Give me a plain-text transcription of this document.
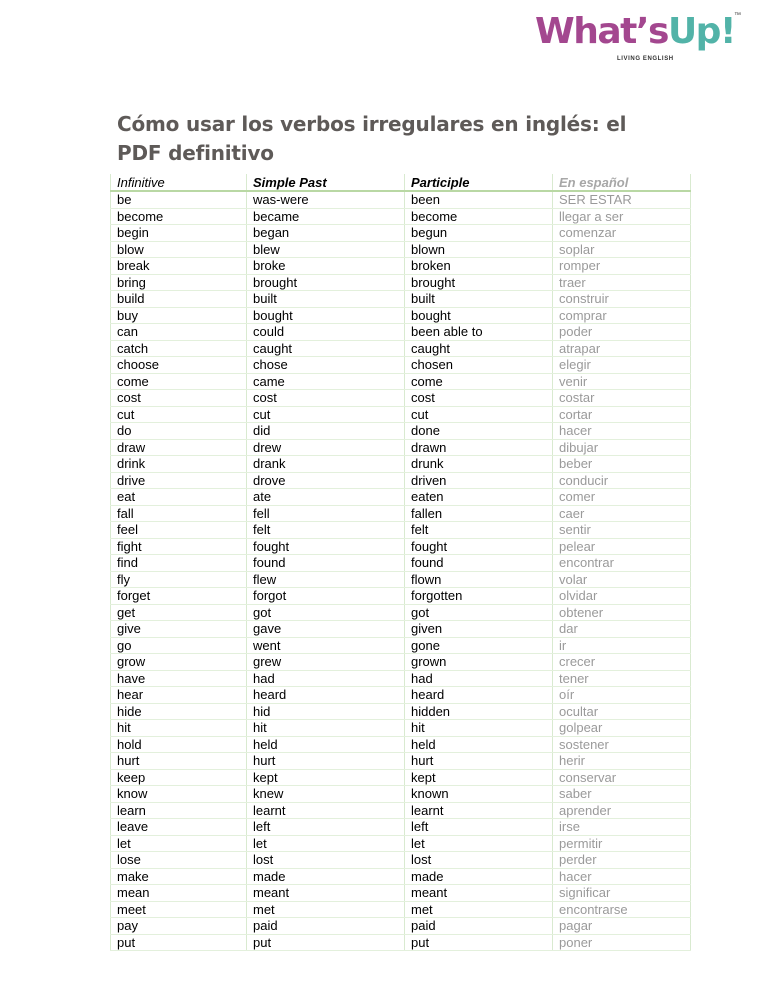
What’sUp! ™
LIVING ENGLISH
Cómo usar los verbos irregulares en inglés: el PDF definitivo
Infinitive	Simple Past	Participle	En español
be	was-were	been	SER ESTAR
become	became	become	llegar a ser
begin	began	begun	comenzar
blow	blew	blown	soplar
break	broke	broken	romper
bring	brought	brought	traer
build	built	built	construir
buy	bought	bought	comprar
can	could	been able to	poder
catch	caught	caught	atrapar
choose	chose	chosen	elegir
come	came	come	venir
cost	cost	cost	costar
cut	cut	cut	cortar
do	did	done	hacer
draw	drew	drawn	dibujar
drink	drank	drunk	beber
drive	drove	driven	conducir
eat	ate	eaten	comer
fall	fell	fallen	caer
feel	felt	felt	sentir
fight	fought	fought	pelear
find	found	found	encontrar
fly	flew	flown	volar
forget	forgot	forgotten	olvidar
get	got	got	obtener
give	gave	given	dar
go	went	gone	ir
grow	grew	grown	crecer
have	had	had	tener
hear	heard	heard	oír
hide	hid	hidden	ocultar
hit	hit	hit	golpear
hold	held	held	sostener
hurt	hurt	hurt	herir
keep	kept	kept	conservar
know	knew	known	saber
learn	learnt	learnt	aprender
leave	left	left	irse
let	let	let	permitir
lose	lost	lost	perder
make	made	made	hacer
mean	meant	meant	significar
meet	met	met	encontrarse
pay	paid	paid	pagar
put	put	put	poner
